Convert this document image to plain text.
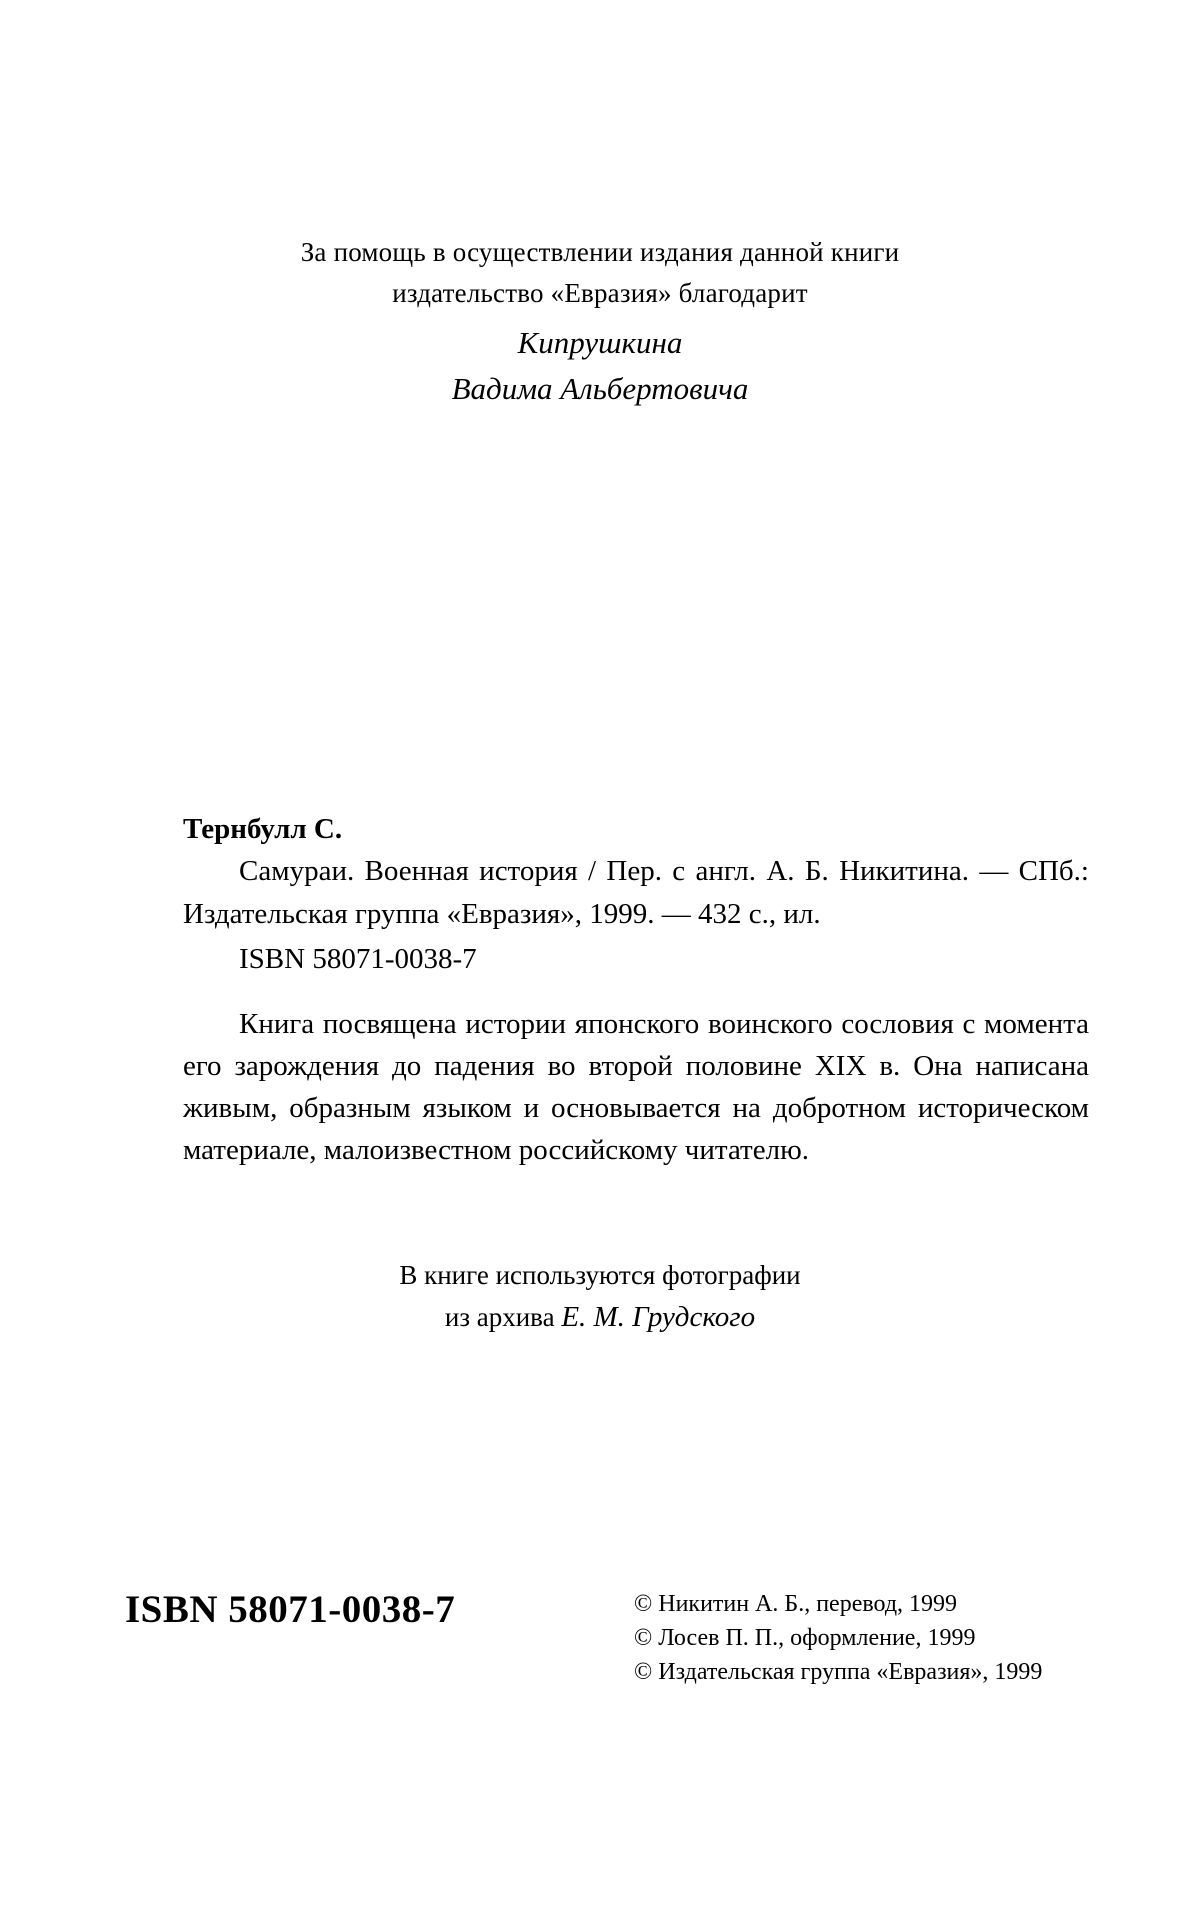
За помощь в осуществлении издания данной книги
издательство «Евразия» благодарит
Кипрушкина
Вадима Альбертовича
Тернбулл С.
Самураи. Военная история / Пер. с англ. А. Б. Никитина. — СПб.: Издательская группа «Евразия», 1999. — 432 с., ил.
ISBN 58071-0038-7
Книга посвящена истории японского воинского сословия с момента его зарождения до падения во второй половине XIX в. Она написана живым, образным языком и основывается на добротном историческом материале, малоизвестном российскому читателю.
В книге используются фотографии
из архива Е. М. Грудского
ISBN 58071-0038-7	© Никитин А. Б., перевод, 1999
© Лосев П. П., оформление, 1999
© Издательская группа «Евразия», 1999
